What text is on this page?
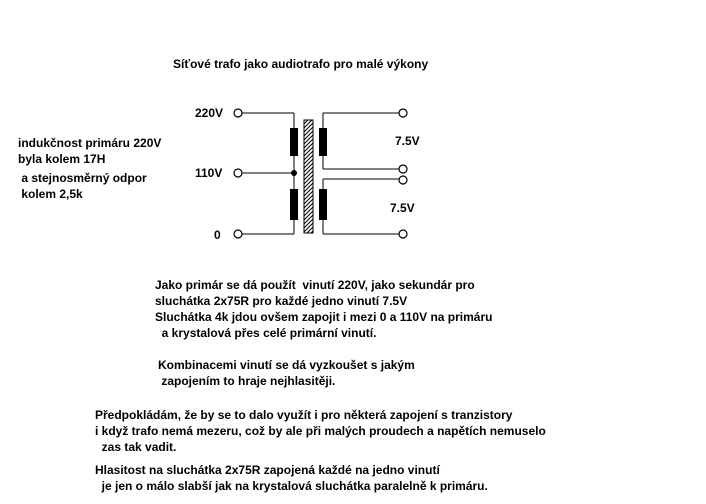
Síťové trafo jako audiotrafo pro malé výkony
220V
110V
0
7.5V
7.5V
indukčnost primáru 220V
byla kolem 17H
a stejnosměrný odpor
kolem 2,5k
Jako primár se dá použít  vinutí 220V, jako sekundár pro
sluchátka 2x75R pro každé jedno vinutí 7.5V
Sluchátka 4k jdou ovšem zapojit i mezi 0 a 110V na primáru
a krystalová přes celé primární vinutí.
Kombinacemi vinutí se dá vyzkoušet s jakým
zapojením to hraje nejhlasitěji.
Předpokládám, že by se to dalo využít i pro některá zapojení s tranzistory
i když trafo nemá mezeru, což by ale při malých proudech a napětích nemuselo
zas tak vadit.
Hlasitost na sluchátka 2x75R zapojená každé na jedno vinutí
je jen o málo slabší jak na krystalová sluchátka paralelně k primáru.
